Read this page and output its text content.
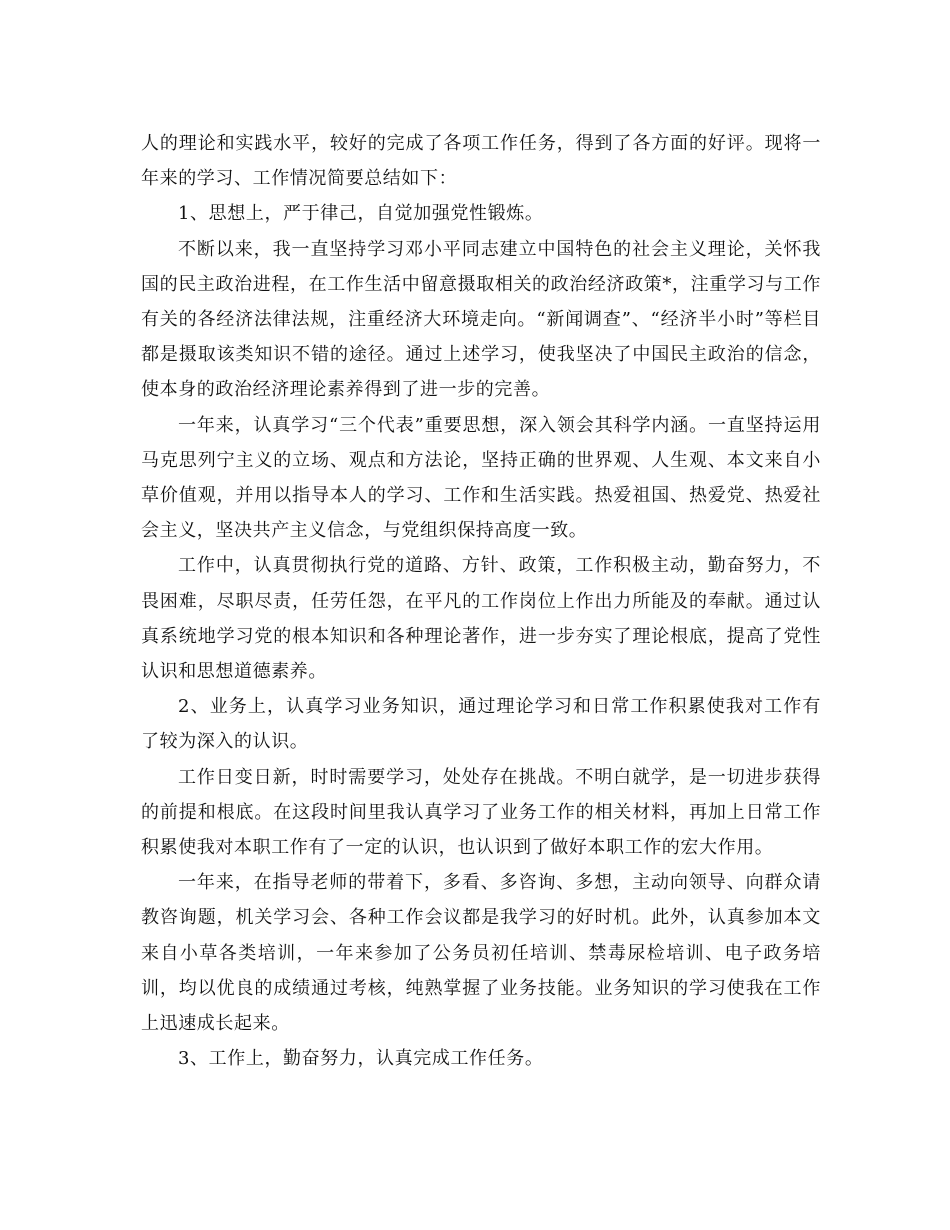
人的理论和实践水平，较好的完成了各项工作任务，得到了各方面的好评。现将一年来的学习、工作情况简要总结如下：

1、思想上，严于律己，自觉加强党性锻炼。

不断以来，我一直坚持学习邓小平同志建立中国特色的社会主义理论，关怀我国的民主政治进程，在工作生活中留意摄取相关的政治经济政策*，注重学习与工作有关的各经济法律法规，注重经济大环境走向。“新闻调查”、“经济半小时”等栏目都是摄取该类知识不错的途径。通过上述学习，使我坚决了中国民主政治的信念，使本身的政治经济理论素养得到了进一步的完善。

一年来，认真学习“三个代表”重要思想，深入领会其科学内涵。一直坚持运用马克思列宁主义的立场、观点和方法论，坚持正确的世界观、人生观、本文来自小草价值观，并用以指导本人的学习、工作和生活实践。热爱祖国、热爱党、热爱社会主义，坚决共产主义信念，与党组织保持高度一致。

工作中，认真贯彻执行党的道路、方针、政策，工作积极主动，勤奋努力，不畏困难，尽职尽责，任劳任怨，在平凡的工作岗位上作出力所能及的奉献。通过认真系统地学习党的根本知识和各种理论著作，进一步夯实了理论根底，提高了党性认识和思想道德素养。

2、业务上，认真学习业务知识，通过理论学习和日常工作积累使我对工作有了较为深入的认识。

工作日变日新，时时需要学习，处处存在挑战。不明白就学，是一切进步获得的前提和根底。在这段时间里我认真学习了业务工作的相关材料，再加上日常工作积累使我对本职工作有了一定的认识，也认识到了做好本职工作的宏大作用。

一年来，在指导老师的带着下，多看、多咨询、多想，主动向领导、向群众请教咨询题，机关学习会、各种工作会议都是我学习的好时机。此外，认真参加本文来自小草各类培训，一年来参加了公务员初任培训、禁毒尿检培训、电子政务培训，均以优良的成绩通过考核，纯熟掌握了业务技能。业务知识的学习使我在工作上迅速成长起来。

3、工作上，勤奋努力，认真完成工作任务。
